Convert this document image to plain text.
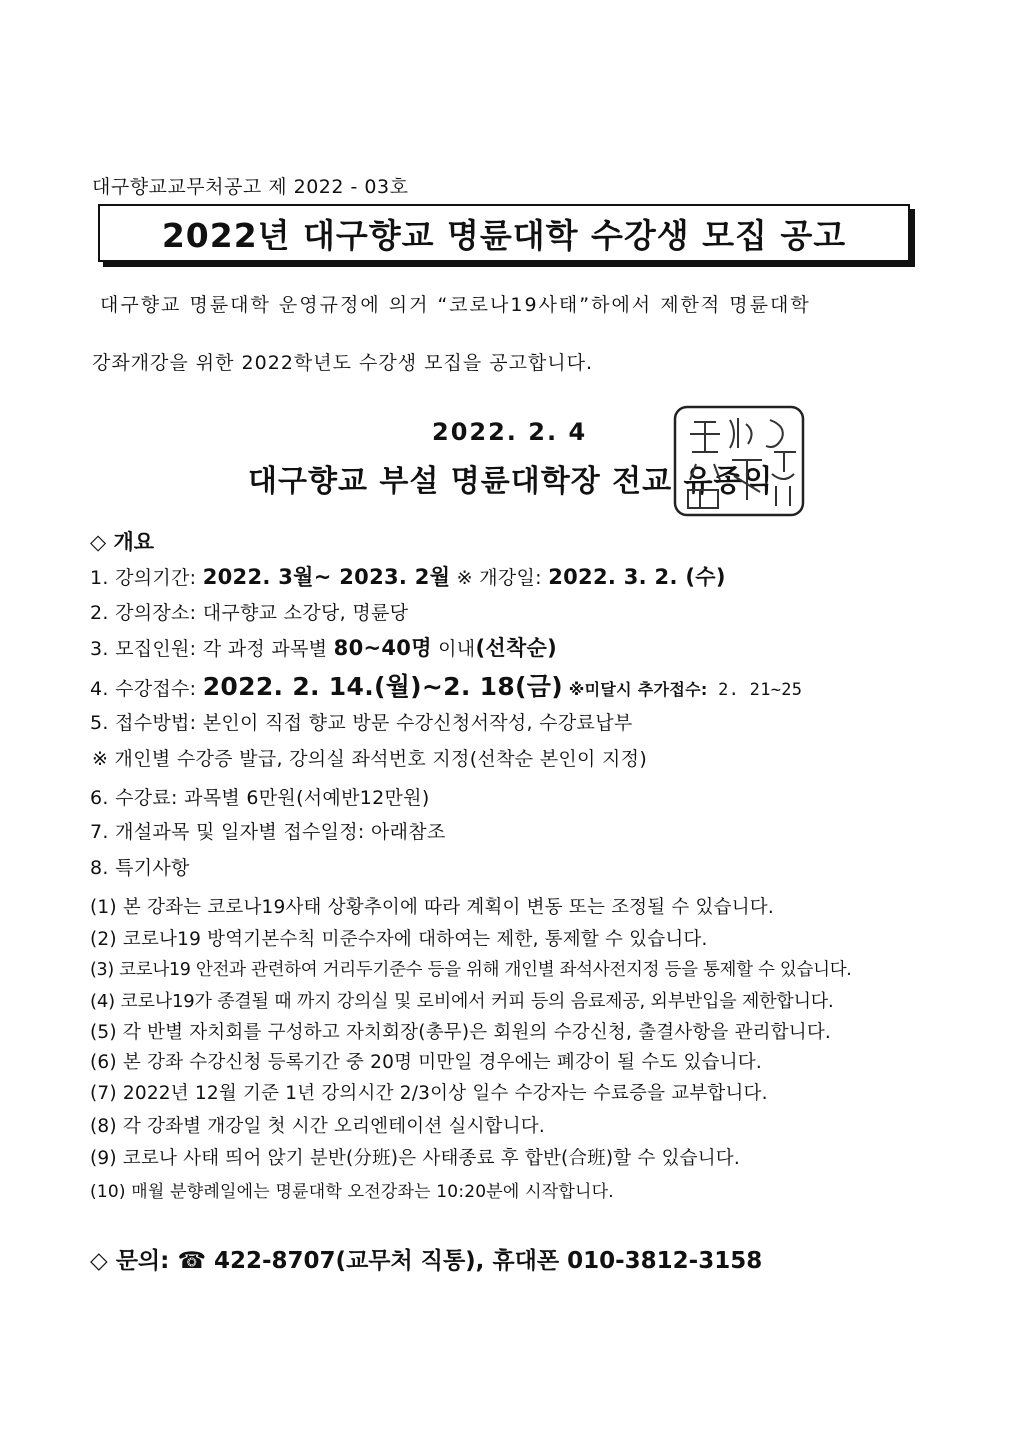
대구향교교무처공고 제 2022 - 03호
2022년 대구향교 명륜대학 수강생 모집 공고
대구향교 명륜대학 운영규정에 의거 “코로나19사태”하에서 제한적 명륜대학
강좌개강을 위한 2022학년도 수강생 모집을 공고합니다.
2022. 2. 4
대구향교 부설 명륜대학장 전교 유종익
◇ 개요
1. 강의기간: 2022. 3월~ 2023. 2월 ※ 개강일: 2022. 3. 2. (수)
2. 강의장소: 대구향교 소강당, 명륜당
3. 모집인원: 각 과정 과목별 80~40명 이내(선착순)
4. 수강접수: 2022. 2. 14.(월)~2. 18(금) ※미달시 추가접수: 2. 21~25
5. 접수방법: 본인이 직접 향교 방문 수강신청서작성, 수강료납부
※ 개인별 수강증 발급, 강의실 좌석번호 지정(선착순 본인이 지정)
6. 수강료: 과목별 6만원(서예반12만원)
7. 개설과목 및 일자별 접수일정: 아래참조
8. 특기사항
(1) 본 강좌는 코로나19사태 상황추이에 따라 계획이 변동 또는 조정될 수 있습니다.
(2) 코로나19 방역기본수칙 미준수자에 대하여는 제한, 통제할 수 있습니다.
(3) 코로나19 안전과 관련하여 거리두기준수 등을 위해 개인별 좌석사전지정 등을 통제할 수 있습니다.
(4) 코로나19가 종결될 때 까지 강의실 및 로비에서 커피 등의 음료제공, 외부반입을 제한합니다.
(5) 각 반별 자치회를 구성하고 자치회장(총무)은 회원의 수강신청, 출결사항을 관리합니다.
(6) 본 강좌 수강신청 등록기간 중 20명 미만일 경우에는 폐강이 될 수도 있습니다.
(7) 2022년 12월 기준 1년 강의시간 2/3이상 일수 수강자는 수료증을 교부합니다.
(8) 각 강좌별 개강일 첫 시간 오리엔테이션 실시합니다.
(9) 코로나 사태 띄어 앉기 분반(分班)은 사태종료 후 합반(合班)할 수 있습니다.
(10) 매월 분향례일에는 명륜대학 오전강좌는 10:20분에 시작합니다.
◇ 문의: ☎ 422-8707(교무처 직통), 휴대폰 010-3812-3158
